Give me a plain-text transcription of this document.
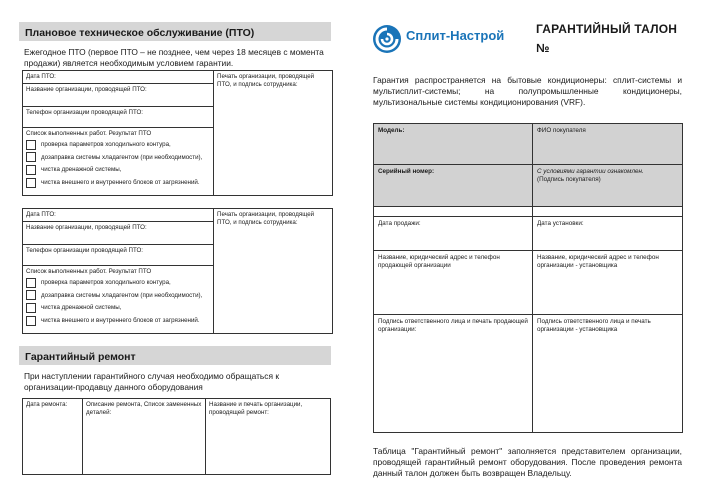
Плановое техническое обслуживание (ПТО)
Ежегодное ПТО (первое ПТО – не позднее, чем через 18 месяцев с момента продажи) является необходимым условием гарантии.
Дата ПТО:	Печать организации, проводящей ПТО, и подпись сотрудника:
Название организации, проводящей ПТО:
Телефон организации проводящей ПТО:

Список выполненных работ. Результат ПТО
проверка параметров холодильного контура,
дозаправка системы хладагентом (при необходимости),
чистка дренажной системы,
чистка внешнего и внутреннего блоков от загрязнений.
Дата ПТО:	Печать организации, проводящей ПТО, и подпись сотрудника:
Название организации, проводящей ПТО:
Телефон организации проводящей ПТО:

Список выполненных работ. Результат ПТО
проверка параметров холодильного контура,
дозаправка системы хладагентом (при необходимости),
чистка дренажной системы,
чистка внешнего и внутреннего блоков от загрязнений.
Гарантийный ремонт
При наступлении гарантийного случая необходимо обращаться к организации-продавцу данного оборудования
Дата ремонта:	Описание ремонта, Список замененных деталей:	Название и печать организации, проводящей ремонт:
Сплит-Настрой	ГАРАНТИЙНЫЙ ТАЛОН
№
Гарантия распространяется на бытовые кондиционеры: сплит-системы и мультисплит-системы; на полупромышленные кондиционеры, мультизональные системы кондиционирования (VRF).
Модель:	ФИО покупателя
Серийный номер:	С условиями гарантии ознакомлен.
(Подпись покупателя)

Дата продажи:	Дата установки:
Название, юридический адрес и телефон продающей организации	Название, юридический адрес и телефон организации - установщика
Подпись ответственного лица и печать продающей организации:	Подпись ответственного лица и печать организации - установщика
Таблица "Гарантийный ремонт" заполняется представителем организации, проводящей гарантийный ремонт оборудования. После проведения ремонта данный талон должен быть возвращен Владельцу.
